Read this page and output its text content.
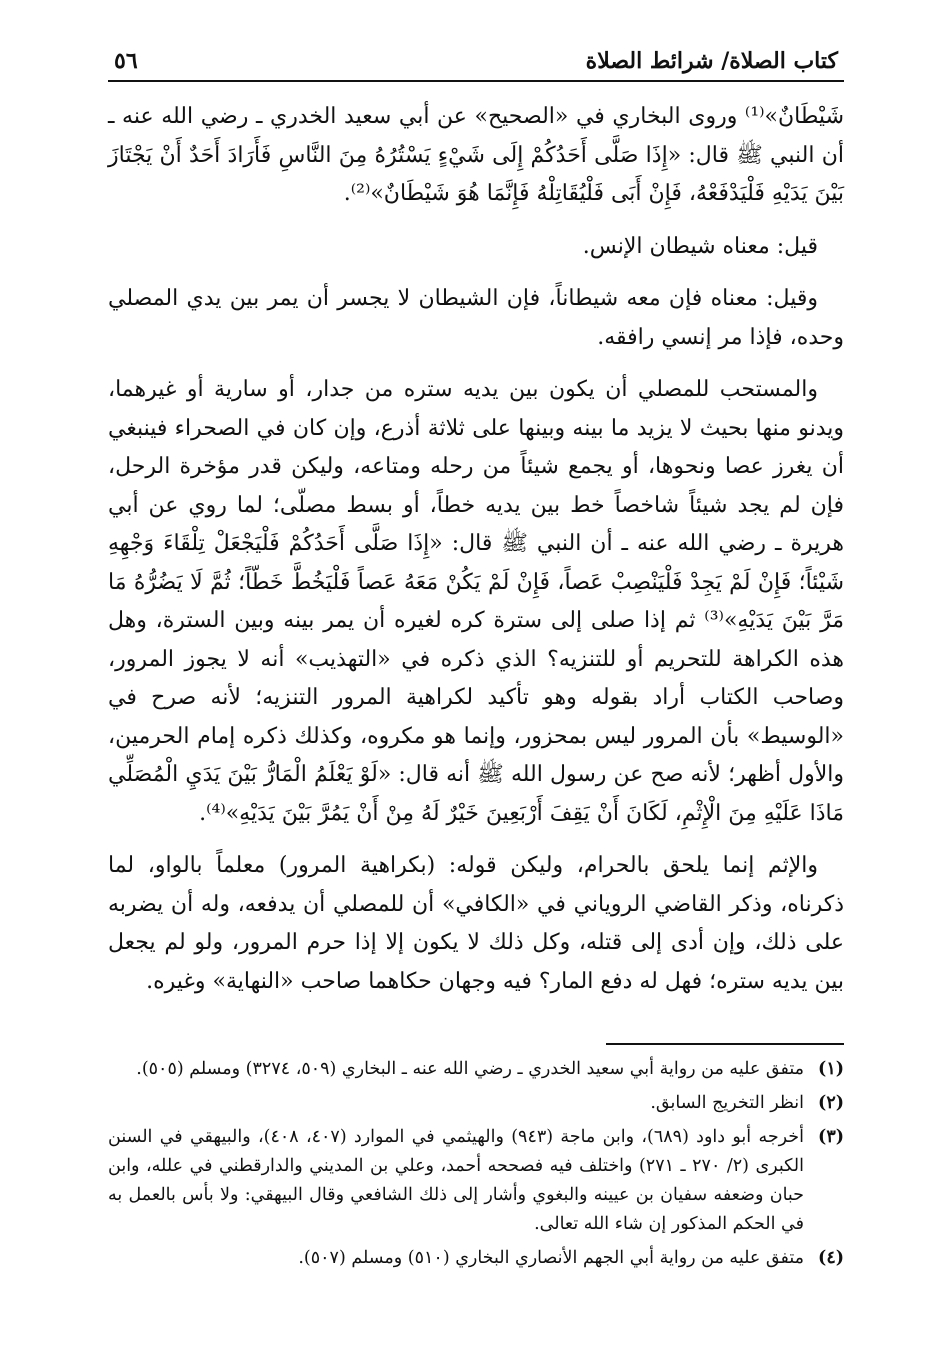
كتاب الصلاة/ شرائط الصلاة
٥٦

شَيْطَانٌ»⁽¹⁾ وروى البخاري في «الصحيح» عن أبي سعيد الخدري ـ رضي الله عنه ـ أن النبي ﷺ قال: «إِذَا صَلَّى أَحَدُكُمْ إِلَى شَيْءٍ يَسْتُرُهُ مِنَ النَّاسِ فَأَرَادَ أَحَدٌ أَنْ يَجْتَازَ بَيْنَ يَدَيْهِ فَلْيَدْفَعْهُ، فَإِنْ أَبَى فَلْيُقَاتِلْهُ فَإِنَّمَا هُوَ شَيْطَانٌ»⁽²⁾.

قيل: معناه شيطان الإنس.

وقيل: معناه فإن معه شيطاناً، فإن الشيطان لا يجسر أن يمر بين يدي المصلي وحده، فإذا مر إنسي رافقه.

والمستحب للمصلي أن يكون بين يديه ستره من جدار، أو سارية أو غيرهما، ويدنو منها بحيث لا يزيد ما بينه وبينها على ثلاثة أذرع، وإن كان في الصحراء فينبغي أن يغرز عصا ونحوها، أو يجمع شيئاً من رحله ومتاعه، وليكن قدر مؤخرة الرحل، فإن لم يجد شيئاً شاخصاً خط بين يديه خطاً، أو بسط مصلّى؛ لما روي عن أبي هريرة ـ رضي الله عنه ـ أن النبي ﷺ قال: «إِذَا صَلَّى أَحَدُكُمْ فَلْيَجْعَلْ تِلْقَاءَ وَجْهِهِ شَيْئاً؛ فَإِنْ لَمْ يَجِدْ فَلْيَنْصِبْ عَصاً، فَإِنْ لَمْ يَكُنْ مَعَهُ عَصاً فَلْيَخُطَّ خَطّاً؛ ثُمَّ لَا يَضُرُّهُ مَا مَرَّ بَيْنَ يَدَيْهِ»⁽³⁾ ثم إذا صلى إلى سترة كره لغيره أن يمر بينه وبين السترة، وهل هذه الكراهة للتحريم أو للتنزيه؟ الذي ذكره في «التهذيب» أنه لا يجوز المرور، وصاحب الكتاب أراد بقوله وهو تأكيد لكراهية المرور التنزيه؛ لأنه صرح في «الوسيط» بأن المرور ليس بمحزور، وإنما هو مكروه، وكذلك ذكره إمام الحرمين، والأول أظهر؛ لأنه صح عن رسول الله ﷺ أنه قال: «لَوْ يَعْلَمُ الْمَارُّ بَيْنَ يَدَيِ الْمُصَلِّي مَاذَا عَلَيْهِ مِنَ الْإِثْمِ، لَكَانَ أَنْ يَقِفَ أَرْبَعِينَ خَيْرٌ لَهُ مِنْ أَنْ يَمُرَّ بَيْنَ يَدَيْهِ»⁽⁴⁾.

والإثم إنما يلحق بالحرام، وليكن قوله: (بكراهية المرور) معلماً بالواو، لما ذكرناه، وذكر القاضي الروياني في «الكافي» أن للمصلي أن يدفعه، وله أن يضربه على ذلك، وإن أدى إلى قتله، وكل ذلك لا يكون إلا إذا حرم المرور، ولو لم يجعل بين يديه ستره؛ فهل له دفع المار؟ فيه وجهان حكاهما صاحب «النهاية» وغيره.

(١)
متفق عليه من رواية أبي سعيد الخدري ـ رضي الله عنه ـ البخاري (٥٠٩، ٣٢٧٤) ومسلم (٥٠٥).
(٢)
انظر التخريج السابق.
(٣)
أخرجه أبو داود (٦٨٩)، وابن ماجة (٩٤٣) والهيثمي في الموارد (٤٠٧، ٤٠٨)، والبيهقي في السنن الكبرى (٢/ ٢٧٠ ـ ٢٧١) واختلف فيه فصححه أحمد، وعلي بن المديني والدارقطني في علله، وابن حبان وضعفه سفيان بن عيينه والبغوي وأشار إلى ذلك الشافعي وقال البيهقي: ولا بأس بالعمل به في الحكم المذكور إن شاء الله تعالى.
(٤)
متفق عليه من رواية أبي الجهم الأنصاري البخاري (٥١٠) ومسلم (٥٠٧).
